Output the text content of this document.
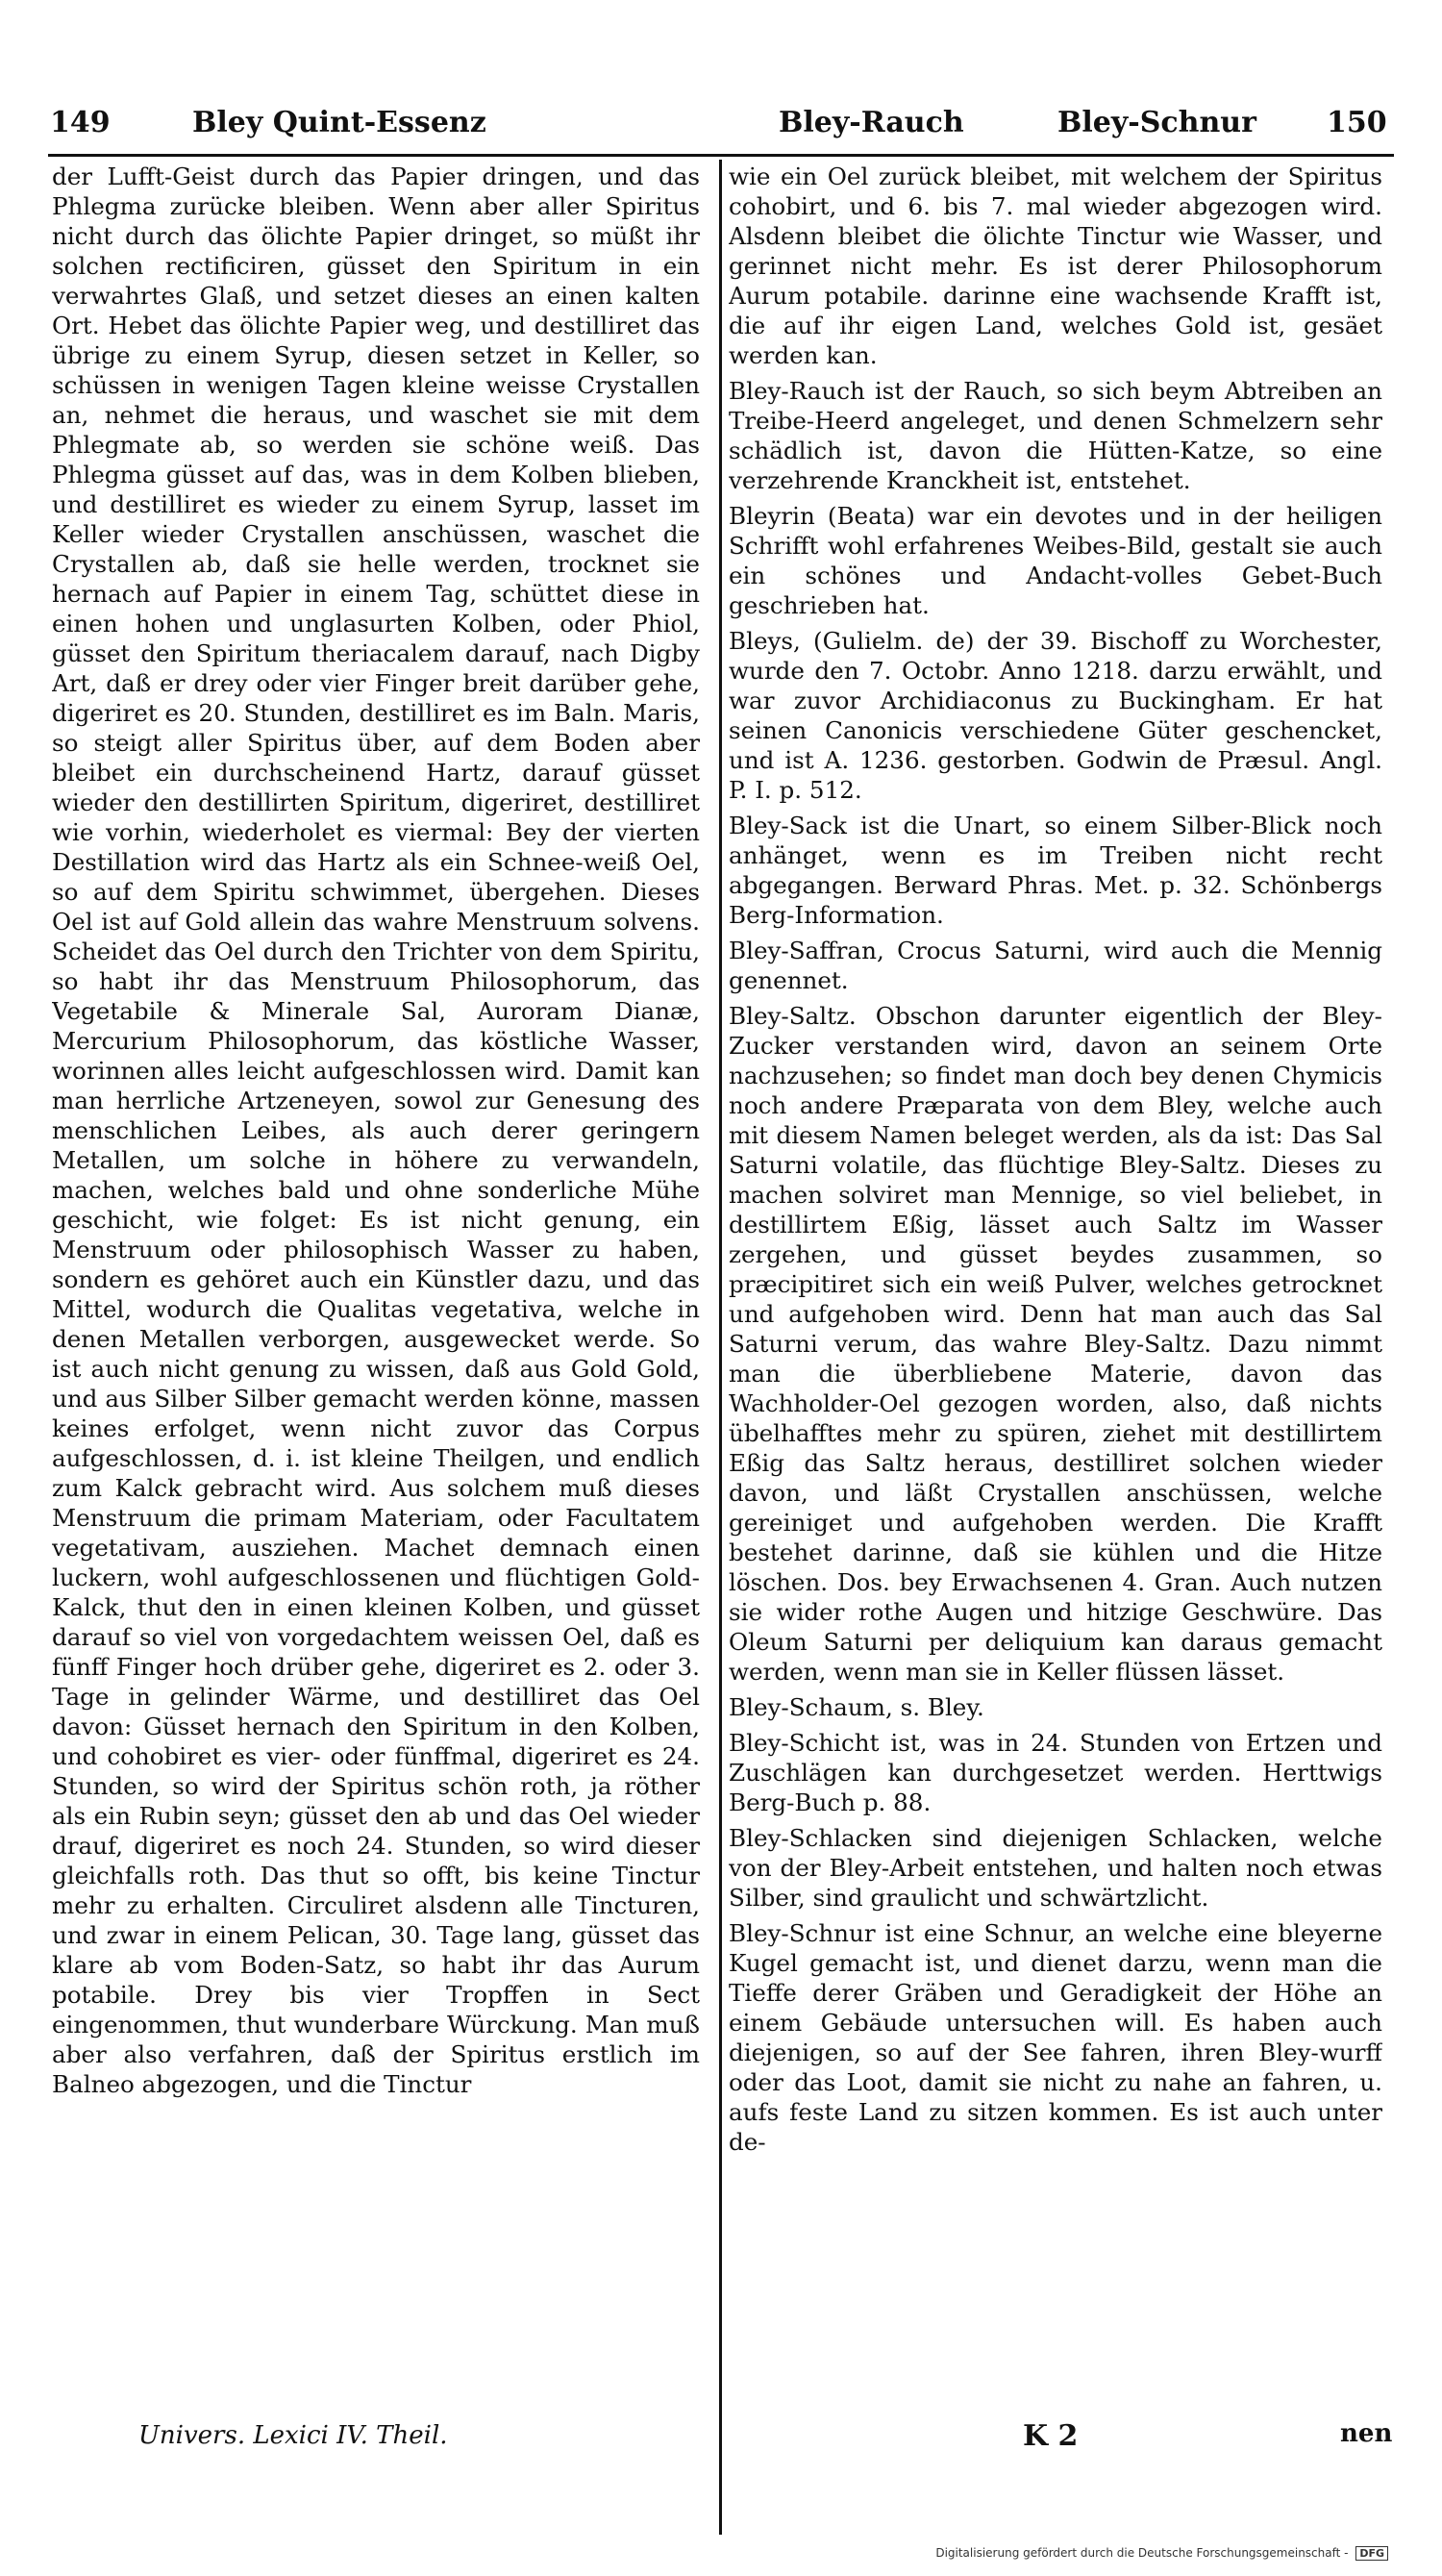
149	Bley Quint-Essenz	Bley-Rauch	Bley-Schnur 150

der Lufft-Geist durch das Papier dringen, und das Phlegma zurücke bleiben. Wenn aber aller Spiritus nicht durch das ölichte Papier dringet, so müßt ihr solchen rectificiren, güsset den Spiritum in ein verwahrtes Glaß, und setzet dieses an einen kalten Ort. Hebet das ölichte Papier weg, und destilliret das übrige zu einem Syrup, diesen setzet in Keller, so schüssen in wenigen Tagen kleine weisse Crystallen an, nehmet die heraus, und waschet sie mit dem Phlegmate ab, so werden sie schöne weiß. Das Phlegma güsset auf das, was in dem Kolben blieben, und destilliret es wieder zu einem Syrup, lasset im Keller wieder Crystallen anschüssen, waschet die Crystallen ab, daß sie helle werden, trocknet sie hernach auf Papier in einem Tag, schüttet diese in einen hohen und unglasurten Kolben, oder Phiol, güsset den Spiritum theriacalem darauf, nach Digby Art, daß er drey oder vier Finger breit darüber gehe, digeriret es 20. Stunden, destilliret es im Baln. Maris, so steigt aller Spiritus über, auf dem Boden aber bleibet ein durchscheinend Hartz, darauf güsset wieder den destillirten Spiritum, digeriret, destilliret wie vorhin, wiederholet es viermal: Bey der vierten Destillation wird das Hartz als ein Schnee-weiß Oel, so auf dem Spiritu schwimmet, übergehen. Dieses Oel ist auf Gold allein das wahre Menstruum solvens. Scheidet das Oel durch den Trichter von dem Spiritu, so habt ihr das Menstruum Philosophorum, das Vegetabile & Minerale Sal, Auroram Dianæ, Mercurium Philosophorum, das köstliche Wasser, worinnen alles leicht aufgeschlossen wird. Damit kan man herrliche Artzeneyen, sowol zur Genesung des menschlichen Leibes, als auch derer geringern Metallen, um solche in höhere zu verwandeln, machen, welches bald und ohne sonderliche Mühe geschicht, wie folget: Es ist nicht genung, ein Menstruum oder philosophisch Wasser zu haben, sondern es gehöret auch ein Künstler dazu, und das Mittel, wodurch die Qualitas vegetativa, welche in denen Metallen verborgen, ausgewecket werde. So ist auch nicht genung zu wissen, daß aus Gold Gold, und aus Silber Silber gemacht werden könne, massen keines erfolget, wenn nicht zuvor das Corpus aufgeschlossen, d. i. ist kleine Theilgen, und endlich zum Kalck gebracht wird. Aus solchem muß dieses Menstruum die primam Materiam, oder Facultatem vegetativam, ausziehen. Machet demnach einen luckern, wohl aufgeschlossenen und flüchtigen Gold-Kalck, thut den in einen kleinen Kolben, und güsset darauf so viel von vorgedachtem weissen Oel, daß es fünff Finger hoch drüber gehe, digeriret es 2. oder 3. Tage in gelinder Wärme, und destilliret das Oel davon: Güsset hernach den Spiritum in den Kolben, und cohobiret es vier- oder fünffmal, digeriret es 24. Stunden, so wird der Spiritus schön roth, ja röther als ein Rubin seyn; güsset den ab und das Oel wieder drauf, digeriret es noch 24. Stunden, so wird dieser gleichfalls roth. Das thut so offt, bis keine Tinctur mehr zu erhalten. Circuliret alsdenn alle Tincturen, und zwar in einem Pelican, 30. Tage lang, güsset das klare ab vom Boden-Satz, so habt ihr das Aurum potabile. Drey bis vier Tropffen in Sect eingenommen, thut wunderbare Würckung. Man muß aber also verfahren, daß der Spiritus erstlich im Balneo abgezogen, und die Tinctur

wie ein Oel zurück bleibet, mit welchem der Spiritus cohobirt, und 6. bis 7. mal wieder abgezogen wird. Alsdenn bleibet die ölichte Tinctur wie Wasser, und gerinnet nicht mehr. Es ist derer Philosophorum Aurum potabile. darinne eine wachsende Krafft ist, die auf ihr eigen Land, welches Gold ist, gesäet werden kan.

Bley-Rauch ist der Rauch, so sich beym Abtreiben an Treibe-Heerd angeleget, und denen Schmelzern sehr schädlich ist, davon die Hütten-Katze, so eine verzehrende Kranckheit ist, entstehet.

Bleyrin (Beata) war ein devotes und in der heiligen Schrifft wohl erfahrenes Weibes-Bild, gestalt sie auch ein schönes und Andacht-volles Gebet-Buch geschrieben hat.

Bleys, (Gulielm. de) der 39. Bischoff zu Worchester, wurde den 7. Octobr. Anno 1218. darzu erwählt, und war zuvor Archidiaconus zu Buckingham. Er hat seinen Canonicis verschiedene Güter geschencket, und ist A. 1236. gestorben. Godwin de Præsul. Angl. P. I. p. 512.

Bley-Sack ist die Unart, so einem Silber-Blick noch anhänget, wenn es im Treiben nicht recht abgegangen. Berward Phras. Met. p. 32. Schönbergs Berg-Information.

Bley-Saffran, Crocus Saturni, wird auch die Mennig genennet.

Bley-Saltz. Obschon darunter eigentlich der Bley-Zucker verstanden wird, davon an seinem Orte nachzusehen; so findet man doch bey denen Chymicis noch andere Præparata von dem Bley, welche auch mit diesem Namen beleget werden, als da ist: Das Sal Saturni volatile, das flüchtige Bley-Saltz. Dieses zu machen solviret man Mennige, so viel beliebet, in destillirtem Eßig, lässet auch Saltz im Wasser zergehen, und güsset beydes zusammen, so præcipitiret sich ein weiß Pulver, welches getrocknet und aufgehoben wird. Denn hat man auch das Sal Saturni verum, das wahre Bley-Saltz. Dazu nimmt man die überbliebene Materie, davon das Wachholder-Oel gezogen worden, also, daß nichts übelhafftes mehr zu spüren, ziehet mit destillirtem Eßig das Saltz heraus, destilliret solchen wieder davon, und läßt Crystallen anschüssen, welche gereiniget und aufgehoben werden. Die Krafft bestehet darinne, daß sie kühlen und die Hitze löschen. Dos. bey Erwachsenen 4. Gran. Auch nutzen sie wider rothe Augen und hitzige Geschwüre. Das Oleum Saturni per deliquium kan daraus gemacht werden, wenn man sie in Keller flüssen lässet.

Bley-Schaum, s. Bley.

Bley-Schicht ist, was in 24. Stunden von Ertzen und Zuschlägen kan durchgesetzet werden. Herttwigs Berg-Buch p. 88.

Bley-Schlacken sind diejenigen Schlacken, welche von der Bley-Arbeit entstehen, und halten noch etwas Silber, sind graulicht und schwärtzlicht.

Bley-Schnur ist eine Schnur, an welche eine bleyerne Kugel gemacht ist, und dienet darzu, wenn man die Tieffe derer Gräben und Geradigkeit der Höhe an einem Gebäude untersuchen will. Es haben auch diejenigen, so auf der See fahren, ihren Bley-wurff oder das Loot, damit sie nicht zu nahe an fahren, u. aufs feste Land zu sitzen kommen. Es ist auch unter de-

Univers. Lexici IV. Theil.	K 2	nen
Digitalisierung gefördert durch die Deutsche Forschungsgemeinschaft - DFG
